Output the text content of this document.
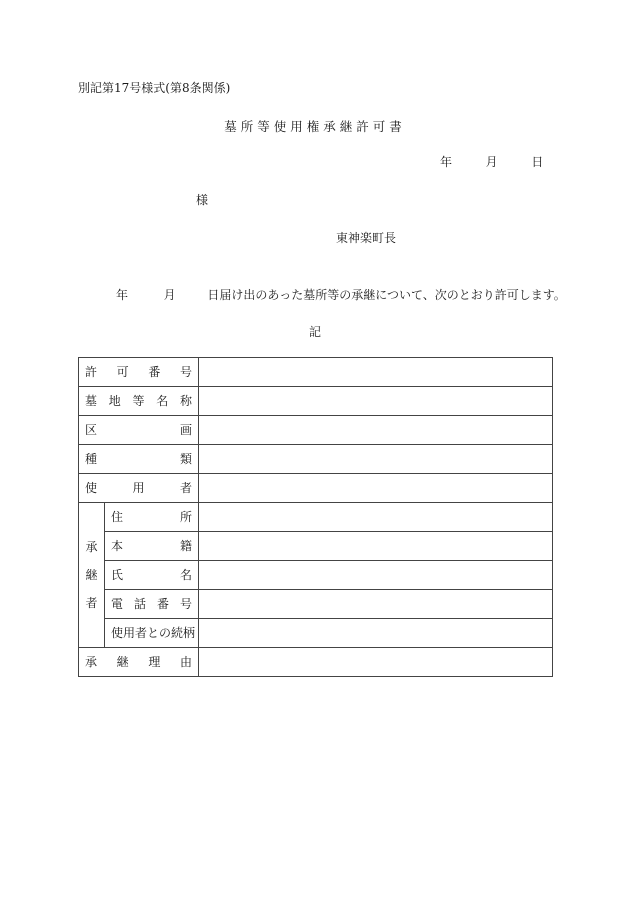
別記第17号様式(第8条関係)
墓所等使用権承継許可書
年	月	日
様
東神楽町長
年	月	日届け出のあった墓所等の承継について、次のとおり許可します。
記
許 可 番 号		

墓 地 等 名 称		

区 画		

種 類		

使 用 者		

承
継
者	住 所	

	本 籍	

	氏 名	

	電 話 番 号	

	使用者との続柄	

承 継 理 由		
